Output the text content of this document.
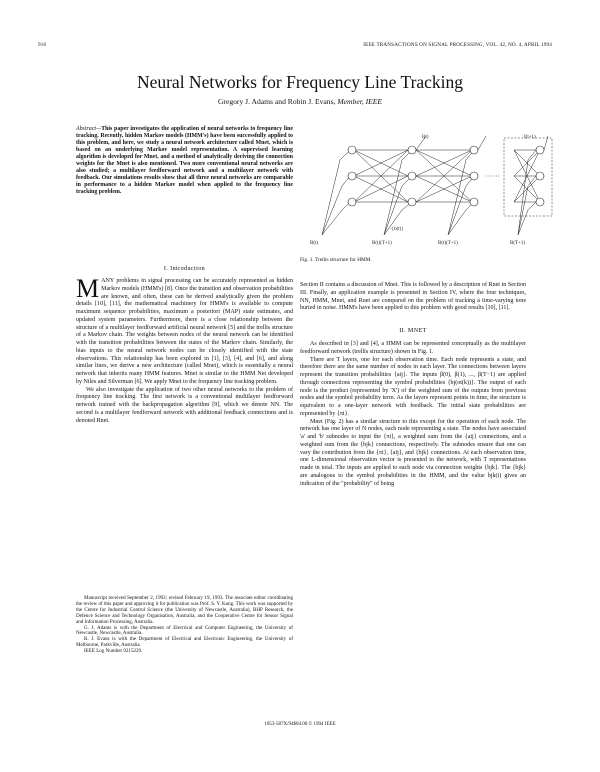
916	IEEE TRANSACTIONS ON SIGNAL PROCESSING, VOL. 42, NO. 4, APRIL 1994
Neural Networks for Frequency Line Tracking
Gregory J. Adams and Robin J. Evans, Member, IEEE
Abstract—This paper investigates the application of neural networks to frequency line tracking. Recently, hidden Markov models (HMM's) have been successfully applied to this problem, and here, we study a neural network architecture called Mnet, which is based on an underlying Markov model representation. A supervised learning algorithm is developed for Mnet, and a method of analytically deriving the connection weights for the Mnet is also mentioned. Two more conventional neural networks are also studied; a multilayer feedforward network and a multilayer network with feedback. Our simulations results show that all three neural networks are comparable in performance to a hidden Markov model when applied to the frequency line tracking problem.
I(t)	I(t+1)
-{b(t)}
B(t)	B(t)(T+1)	B(t)(T+1)	B(T+1)
Fig. 1. Trellis structure for HMM.
I. Introduction

MANY problems in signal processing can be accurately represented as hidden Markov models (HMM's) [8]. Once the transition and observation probabilities are known, and often, these can be derived analytically given the problem details [10], [11], the mathematical machinery for HMM's is available to compute maximum sequence probabilities, maximum a posteriori (MAP) state estimates, and updated system parameters. Furthermore, there is a close relationship between the structure of a multilayer feedforward artificial neural network [5] and the trellis structure of a Markov chain. The weights between nodes of the neural network can be identified with the transition probabilities between the states of the Markov chain. Similarly, the bias inputs to the neural network nodes can be closely identified with the state observations. This relationship has been explored in [1], [3], [4], and [6], and along similar lines, we derive a new architecture (called Mnet), which is essentially a neural network that inherits many HMM features. Mnet is similar to the HMM Net developed by Niles and Silverman [6]. We apply Mnet to the frequency line tracking problem.

We also investigate the application of two other neural networks to the problem of frequency line tracking. The first network is a conventional multilayer feedforward network trained with the backpropagation algorithm [9], which we denote NN. The second is a multilayer feedforward network with additional feedback connections and is denoted Rnet.

Manuscript received September 2, 1992; revised February 19, 1993. The associate editor coordinating the review of this paper and approving it for publication was Prof. S. Y. Kung. This work was supported by the Centre for Industrial Control Science (the University of Newcastle, Australia), BHP Research, the Defence Science and Technology Organisation, Australia, and the Cooperative Centre for Sensor Signal and Information Processing, Australia.

G. J. Adams is with the Department of Electrical and Computer Engineering, the University of Newcastle, Newcastle, Australia.

R. J. Evans is with the Department of Electrical and Electronic Engineering, the University of Melbourne, Parkville, Australia.

IEEE Log Number 9215229.

Section II contains a discussion of Mnet. This is followed by a description of Rnet in Section III. Finally, an application example is presented in Section IV, where the four techniques, NN, HMM, Mnet, and Rnet are compared on the problem of tracking a time-varying tone buried in noise. HMM's have been applied to this problem with good results [10], [11].

II. MNET

As described in [3] and [4], a HMM can be represented conceptually as the multilayer feedforward network (trellis structure) shown in Fig. 1.

There are T layers, one for each observation time. Each node represents a state, and therefore there are the same number of nodes in each layer. The connections between layers represent the transition probabilities {aij}. The inputs β(0), β(1), ..., β(T−1) are applied through connections representing the symbol probabilities {bj(ot(k))}. The output of each node is the product (represented by 'X') of the weighted sum of the outputs from previous nodes and the symbol probability term. As the layers represent points in time, the structure is equivalent to a one-layer network with feedback. The initial state probabilities are represented by {πi}.

Mnet (Fig. 2) has a similar structure to this except for the operation of each node. The network has one layer of N nodes, each node representing a state. The nodes have associated 'a' and 'b' subnodes to input the {πi}, a weighted sum from the {aij} connections, and a weighted sum from the {bjk} connections, respectively. The subnodes ensure that one can vary the contribution from the {πi}, {aij}, and {bjk} connections. At each observation time, one L-dimensional observation vector is presented to the network, with T representations made in total. The inputs are applied to each node via connection weights {bjk}. The {bjk} are analogous to the symbol probabilities in the HMM, and the value bjk(t) gives an indication of the "probability" of being

1053-587X/94$04.00 © 1994 IEEE
